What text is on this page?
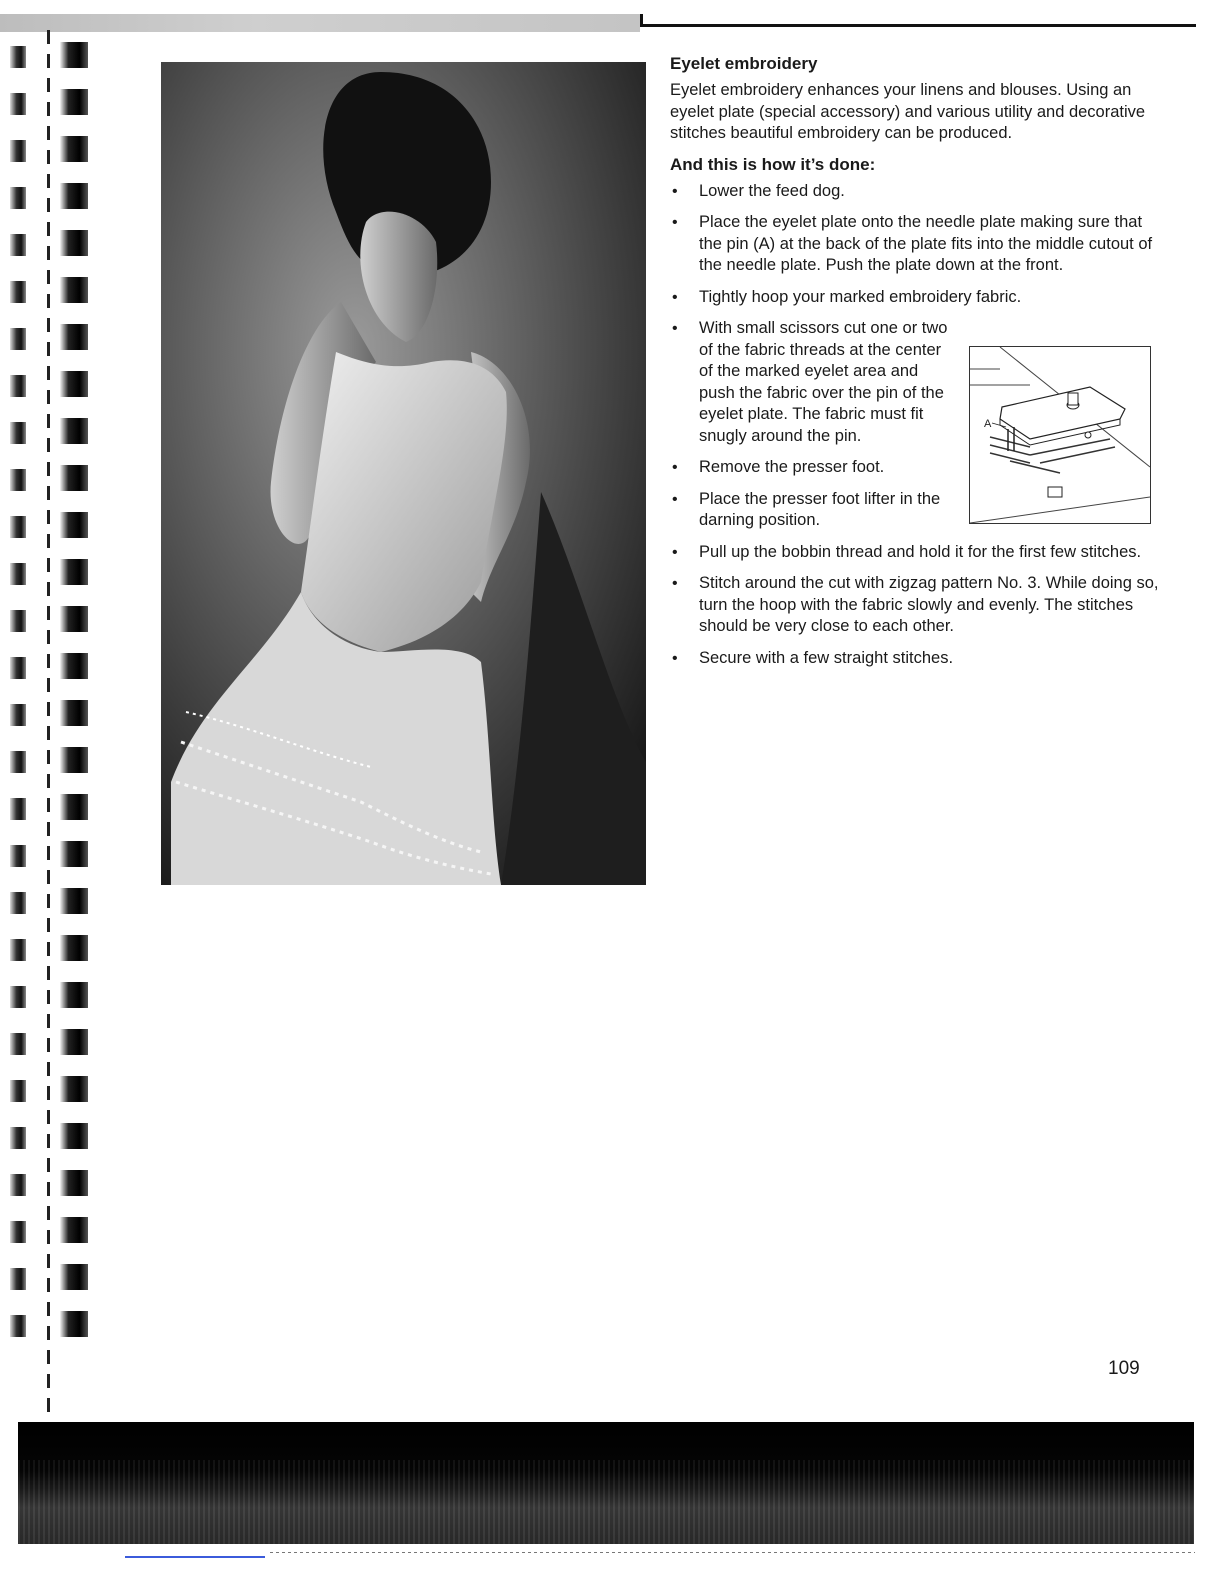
Eyelet embroidery

Eyelet embroidery enhances your linens and blouses. Using an eyelet plate (special accessory) and various utility and decorative stitches beautiful embroidery can be produced.

And this is how it’s done:
• Lower the feed dog.
• Place the eyelet plate onto the needle plate making sure that the pin (A) at the back of the plate fits into the middle cutout of the needle plate. Push the plate down at the front.
• Tightly hoop your marked embroidery fabric.
• With small scissors cut one or two of the fabric threads at the center of the marked eyelet area and push the fabric over the pin of the eyelet plate. The fabric must fit snugly around the pin.
• Remove the presser foot.
• Place the presser foot lifter in the darning position.
• Pull up the bobbin thread and hold it for the first few stitches.
• Stitch around the cut with zigzag pattern No. 3. While doing so, turn the hoop with the fabric slowly and evenly. The stitches should be very close to each other.
• Secure with a few straight stitches.
A
109
